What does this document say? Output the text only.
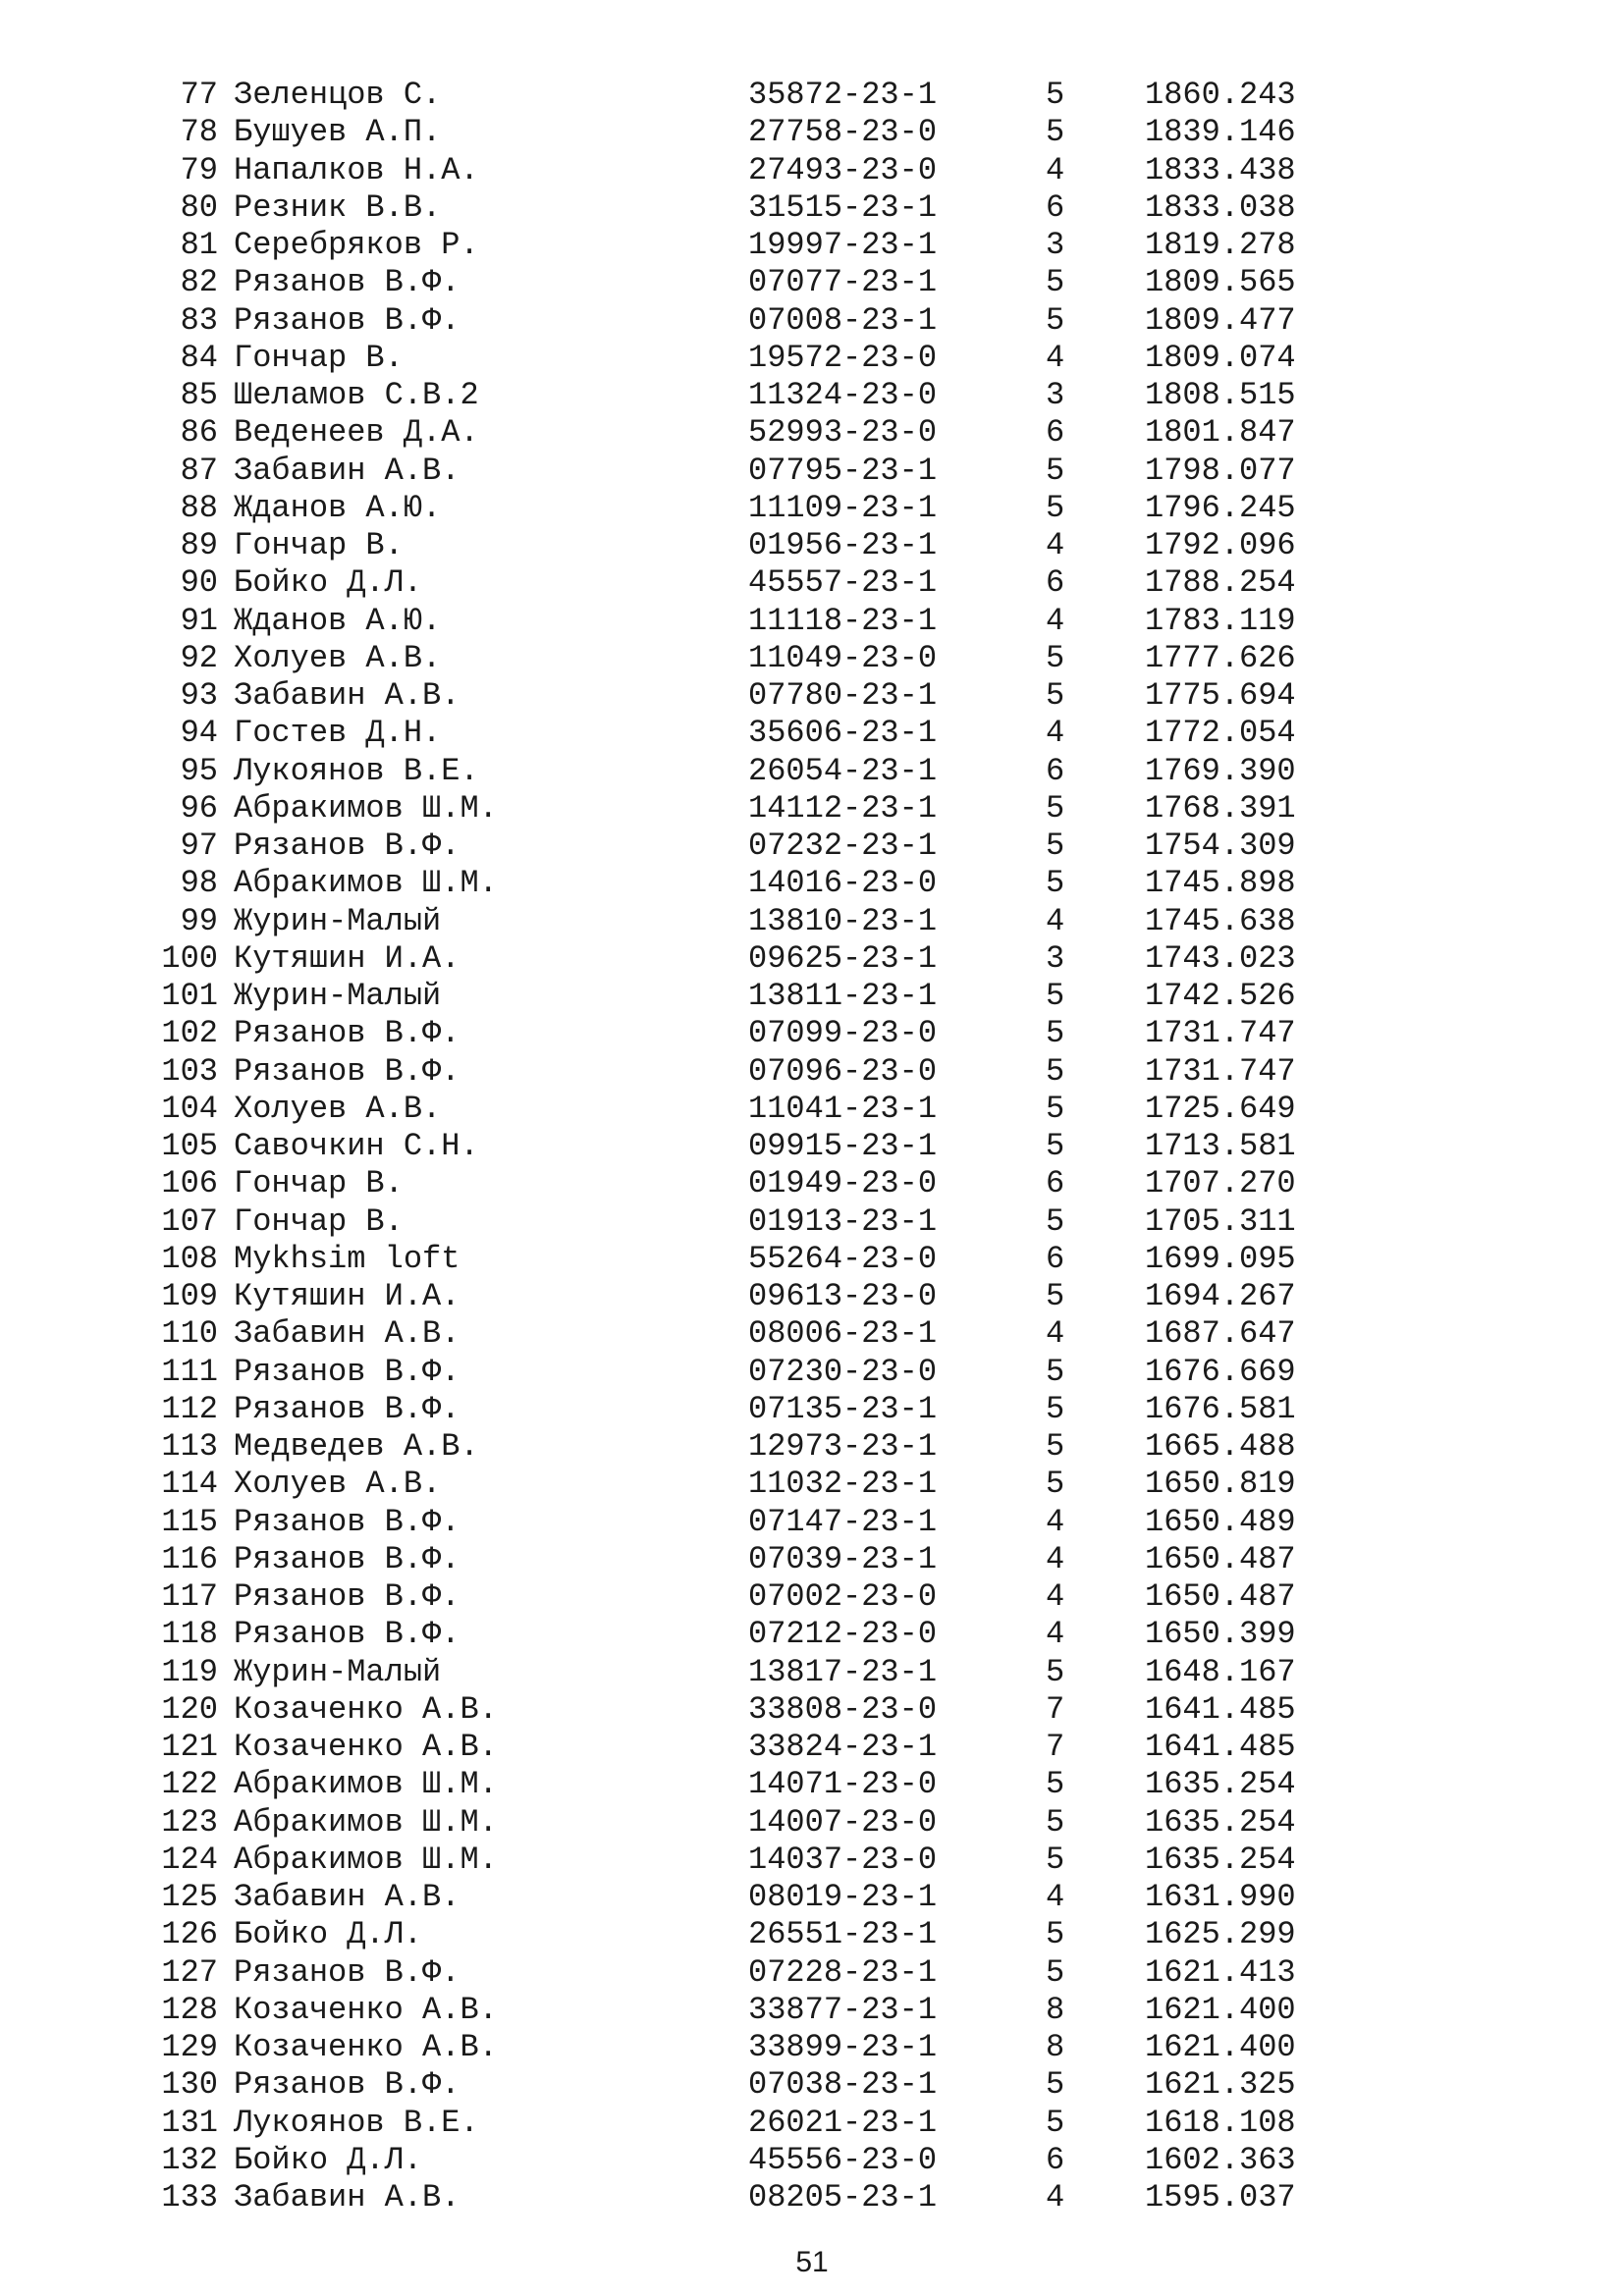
77 Зеленцов С.	35872-23-1	5	1860.243
78 Бушуев А.П.	27758-23-0	5	1839.146
79 Напалков Н.А.	27493-23-0	4	1833.438
80 Резник В.В.	31515-23-1	6	1833.038
81 Серебряков Р.	19997-23-1	3	1819.278
82 Рязанов В.Ф.	07077-23-1	5	1809.565
83 Рязанов В.Ф.	07008-23-1	5	1809.477
84 Гончар В.	19572-23-0	4	1809.074
85 Шеламов С.В.2	11324-23-0	3	1808.515
86 Веденеев Д.А.	52993-23-0	6	1801.847
87 Забавин А.В.	07795-23-1	5	1798.077
88 Жданов А.Ю.	11109-23-1	5	1796.245
89 Гончар В.	01956-23-1	4	1792.096
90 Бойко Д.Л.	45557-23-1	6	1788.254
91 Жданов А.Ю.	11118-23-1	4	1783.119
92 Холуев А.В.	11049-23-0	5	1777.626
93 Забавин А.В.	07780-23-1	5	1775.694
94 Гостев Д.Н.	35606-23-1	4	1772.054
95 Лукоянов В.Е.	26054-23-1	6	1769.390
96 Абракимов Ш.М.	14112-23-1	5	1768.391
97 Рязанов В.Ф.	07232-23-1	5	1754.309
98 Абракимов Ш.М.	14016-23-0	5	1745.898
99 Журин-Малый	13810-23-1	4	1745.638
100 Кутяшин И.А.	09625-23-1	3	1743.023
101 Журин-Малый	13811-23-1	5	1742.526
102 Рязанов В.Ф.	07099-23-0	5	1731.747
103 Рязанов В.Ф.	07096-23-0	5	1731.747
104 Холуев А.В.	11041-23-1	5	1725.649
105 Савочкин С.Н.	09915-23-1	5	1713.581
106 Гончар В.	01949-23-0	6	1707.270
107 Гончар В.	01913-23-1	5	1705.311
108 Mykhsim loft	55264-23-0	6	1699.095
109 Кутяшин И.А.	09613-23-0	5	1694.267
110 Забавин А.В.	08006-23-1	4	1687.647
111 Рязанов В.Ф.	07230-23-0	5	1676.669
112 Рязанов В.Ф.	07135-23-1	5	1676.581
113 Медведев А.В.	12973-23-1	5	1665.488
114 Холуев А.В.	11032-23-1	5	1650.819
115 Рязанов В.Ф.	07147-23-1	4	1650.489
116 Рязанов В.Ф.	07039-23-1	4	1650.487
117 Рязанов В.Ф.	07002-23-0	4	1650.487
118 Рязанов В.Ф.	07212-23-0	4	1650.399
119 Журин-Малый	13817-23-1	5	1648.167
120 Козаченко А.В.	33808-23-0	7	1641.485
121 Козаченко А.В.	33824-23-1	7	1641.485
122 Абракимов Ш.М.	14071-23-0	5	1635.254
123 Абракимов Ш.М.	14007-23-0	5	1635.254
124 Абракимов Ш.М.	14037-23-0	5	1635.254
125 Забавин А.В.	08019-23-1	4	1631.990
126 Бойко Д.Л.	26551-23-1	5	1625.299
127 Рязанов В.Ф.	07228-23-1	5	1621.413
128 Козаченко А.В.	33877-23-1	8	1621.400
129 Козаченко А.В.	33899-23-1	8	1621.400
130 Рязанов В.Ф.	07038-23-1	5	1621.325
131 Лукоянов В.Е.	26021-23-1	5	1618.108
132 Бойко Д.Л.	45556-23-0	6	1602.363
133 Забавин А.В.	08205-23-1	4	1595.037
51
